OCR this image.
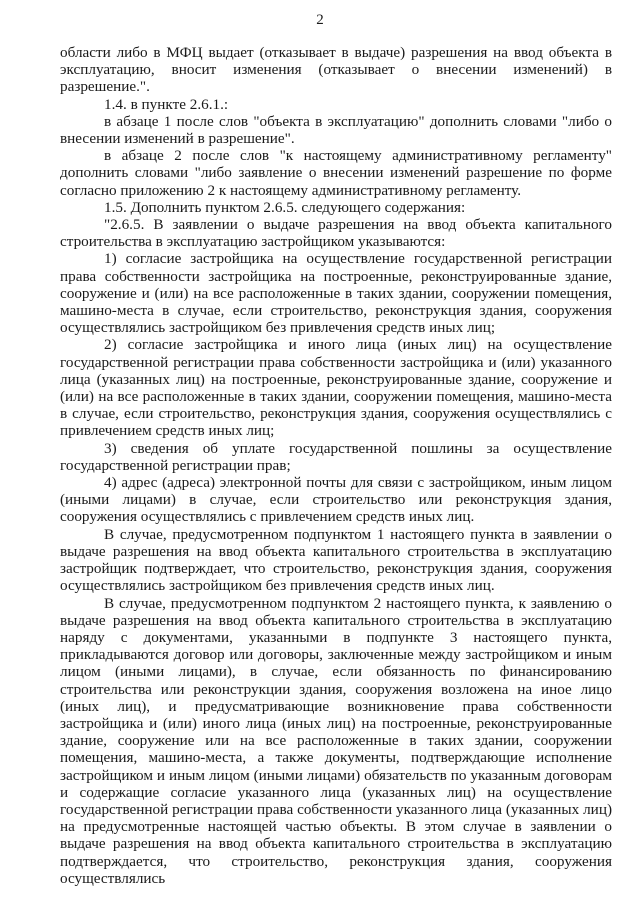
2

области либо в МФЦ выдает (отказывает в выдаче) разрешения на ввод объекта в эксплуатацию, вносит изменения (отказывает о внесении изменений) в разрешение.".

1.4. в пункте 2.6.1.:

в абзаце 1 после слов "объекта в эксплуатацию" дополнить словами "либо о внесении изменений в разрешение".

в абзаце 2 после слов "к настоящему административному регламенту" дополнить словами "либо заявление о внесении изменений разрешение по форме согласно приложению 2 к настоящему административному регламенту.

1.5. Дополнить пунктом 2.6.5. следующего содержания:

"2.6.5. В заявлении о выдаче разрешения на ввод объекта капитального строительства в эксплуатацию застройщиком указываются:

1) согласие застройщика на осуществление государственной регистрации права собственности застройщика на построенные, реконструированные здание, сооружение и (или) на все расположенные в таких здании, сооружении помещения, машино-места в случае, если строительство, реконструкция здания, сооружения осуществлялись застройщиком без привлечения средств иных лиц;

2) согласие застройщика и иного лица (иных лиц) на осуществление государственной регистрации права собственности застройщика и (или) указанного лица (указанных лиц) на построенные, реконструированные здание, сооружение и (или) на все расположенные в таких здании, сооружении помещения, машино-места в случае, если строительство, реконструкция здания, сооружения осуществлялись с привлечением средств иных лиц;

3) сведения об уплате государственной пошлины за осуществление государственной регистрации прав;

4) адрес (адреса) электронной почты для связи с застройщиком, иным лицом (иными лицами) в случае, если строительство или реконструкция здания, сооружения осуществлялись с привлечением средств иных лиц.

В случае, предусмотренном подпунктом 1 настоящего пункта в заявлении о выдаче разрешения на ввод объекта капитального строительства в эксплуатацию застройщик подтверждает, что строительство, реконструкция здания, сооружения осуществлялись застройщиком без привлечения средств иных лиц.

В случае, предусмотренном подпунктом 2 настоящего пункта, к заявлению о выдаче разрешения на ввод объекта капитального строительства в эксплуатацию наряду с документами, указанными в подпункте 3 настоящего пункта, прикладываются договор или договоры, заключенные между застройщиком и иным лицом (иными лицами), в случае, если обязанность по финансированию строительства или реконструкции здания, сооружения возложена на иное лицо (иных лиц), и предусматривающие возникновение права собственности застройщика и (или) иного лица (иных лиц) на построенные, реконструированные здание, сооружение или на все расположенные в таких здании, сооружении помещения, машино-места, а также документы, подтверждающие исполнение застройщиком и иным лицом (иными лицами) обязательств по указанным договорам и содержащие согласие указанного лица (указанных лиц) на осуществление государственной регистрации права собственности указанного лица (указанных лиц) на предусмотренные настоящей частью объекты. В этом случае в заявлении о выдаче разрешения на ввод объекта капитального строительства в эксплуатацию подтверждается, что строительство, реконструкция здания, сооружения осуществлялись
